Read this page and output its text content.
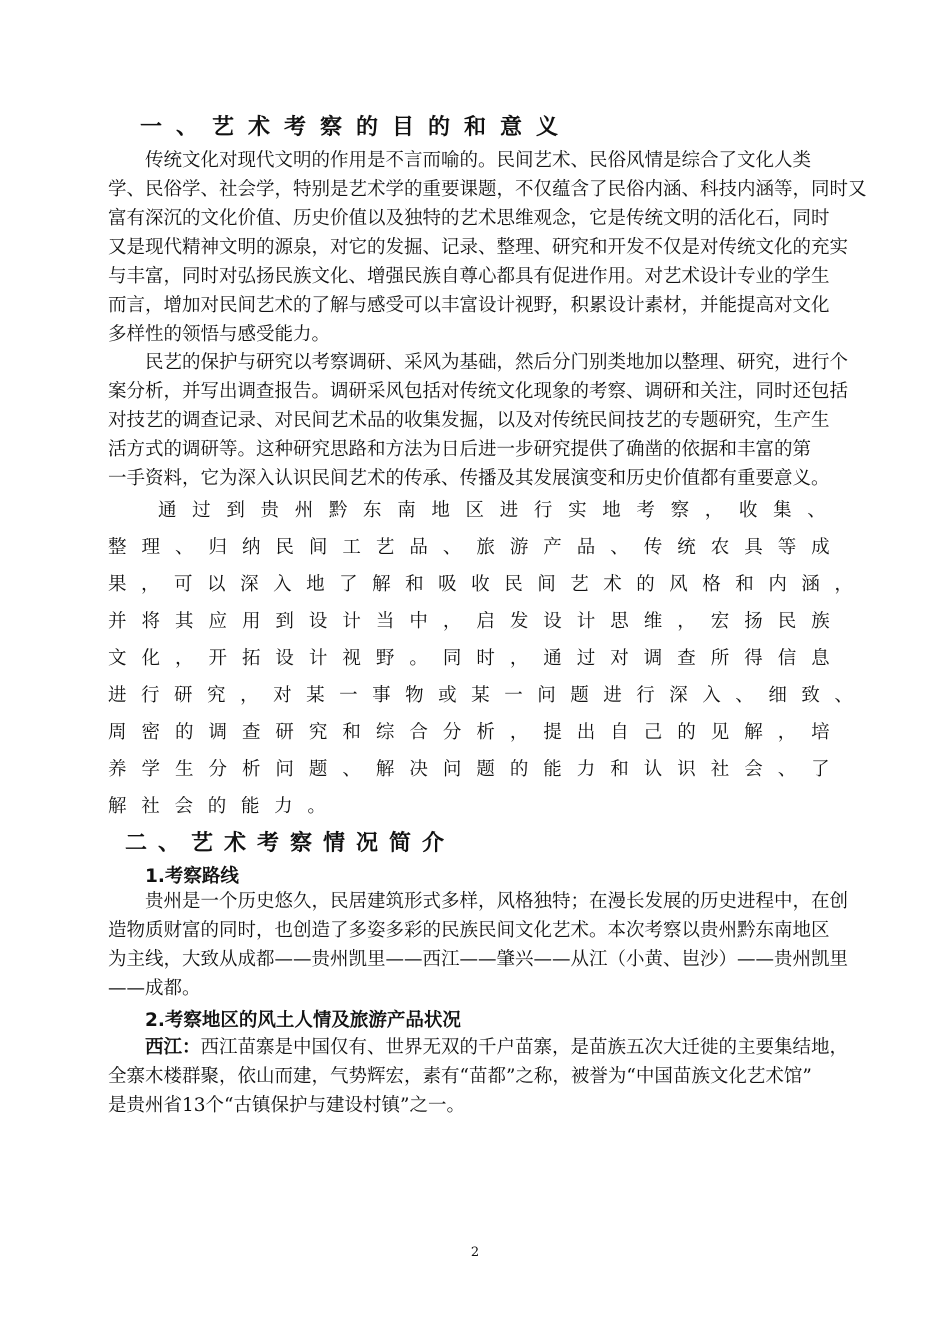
一、艺术考察的目的和意义
传统文化对现代文明的作用是不言而喻的。民间艺术、民俗风情是综合了文化人类
学、民俗学、社会学，特别是艺术学的重要课题，不仅蕴含了民俗内涵、科技内涵等，同时又
富有深沉的文化价值、历史价值以及独特的艺术思维观念，它是传统文明的活化石，同时
又是现代精神文明的源泉，对它的发掘、记录、整理、研究和开发不仅是对传统文化的充实
与丰富，同时对弘扬民族文化、增强民族自尊心都具有促进作用。对艺术设计专业的学生
而言，增加对民间艺术的了解与感受可以丰富设计视野，积累设计素材，并能提高对文化
多样性的领悟与感受能力。
民艺的保护与研究以考察调研、采风为基础，然后分门别类地加以整理、研究，进行个
案分析，并写出调查报告。调研采风包括对传统文化现象的考察、调研和关注，同时还包括
对技艺的调查记录、对民间艺术品的收集发掘，以及对传统民间技艺的专题研究，生产生
活方式的调研等。这种研究思路和方法为日后进一步研究提供了确凿的依据和丰富的第
一手资料，它为深入认识民间艺术的传承、传播及其发展演变和历史价值都有重要意义。
通 过 到 贵 州 黔 东 南 地 区 进 行 实 地 考 察 ， 收 集 、
整 理 、 归 纳 民 间 工 艺 品 、 旅 游 产 品 、 传 统 农 具 等 成
果 ， 可 以 深 入 地 了 解 和 吸 收 民 间 艺 术 的 风 格 和 内 涵 ，
并 将 其 应 用 到 设 计 当 中 ， 启 发 设 计 思 维 ， 宏 扬 民 族
文 化 ， 开 拓 设 计 视 野 。 同 时 ， 通 过 对 调 查 所 得 信 息
进 行 研 究 ， 对 某 一 事 物 或 某 一 问 题 进 行 深 入 、 细 致 、
周 密 的 调 查 研 究 和 综 合 分 析 ， 提 出 自 己 的 见 解 ， 培
养 学 生 分 析 问 题 、 解 决 问 题 的 能 力 和 认 识 社 会 、 了
解 社 会 的 能 力 。
二、艺术考察情况简介
1.考察路线
贵州是一个历史悠久，民居建筑形式多样，风格独特；在漫长发展的历史进程中，在创
造物质财富的同时，也创造了多姿多彩的民族民间文化艺术。本次考察以贵州黔东南地区
为主线，大致从成都——贵州凯里——西江——肇兴——从江（小黄、岜沙）——贵州凯里
——成都。
2.考察地区的风土人情及旅游产品状况
西江：西江苗寨是中国仅有、世界无双的千户苗寨，是苗族五次大迁徙的主要集结地，
全寨木楼群聚，依山而建，气势辉宏，素有“苗都”之称，被誉为“中国苗族文化艺术馆”
是贵州省13个“古镇保护与建设村镇”之一。
2
